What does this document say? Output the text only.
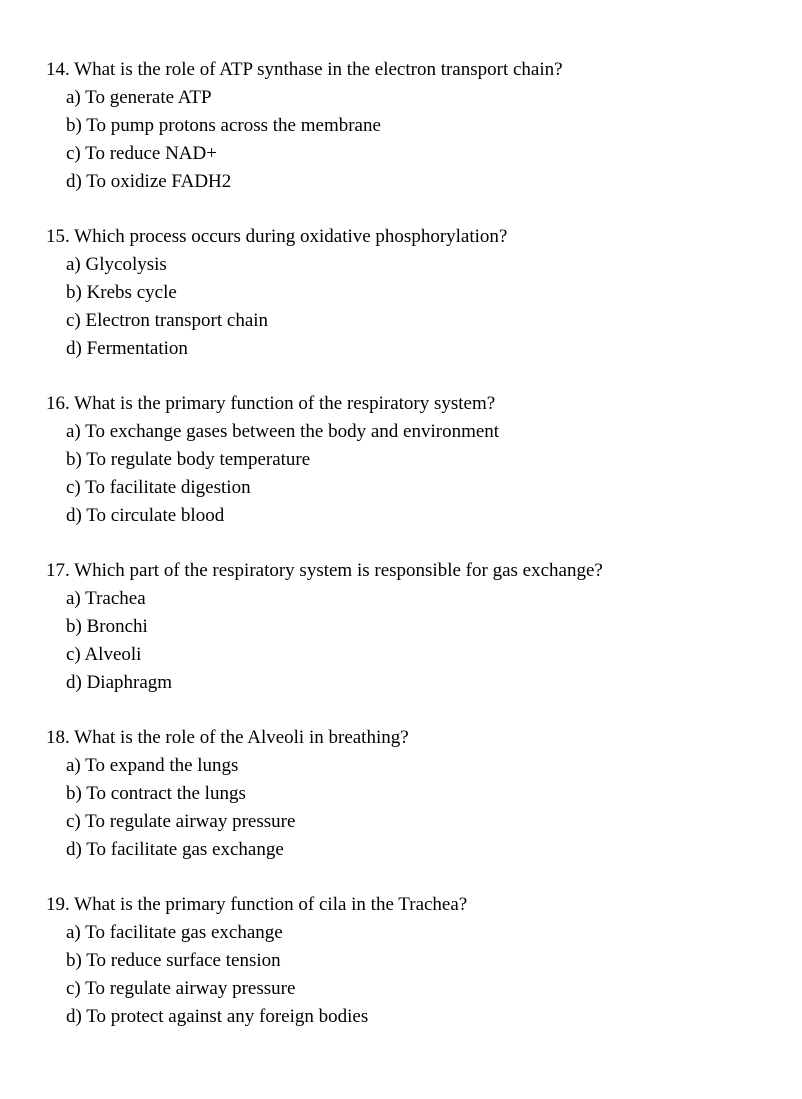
14. What is the role of ATP synthase in the electron transport chain?
a) To generate ATP
b) To pump protons across the membrane
c) To reduce NAD+
d) To oxidize FADH2
15. Which process occurs during oxidative phosphorylation?
a) Glycolysis
b) Krebs cycle
c) Electron transport chain
d) Fermentation
16. What is the primary function of the respiratory system?
a) To exchange gases between the body and environment
b) To regulate body temperature
c) To facilitate digestion
d) To circulate blood
17. Which part of the respiratory system is responsible for gas exchange?
a) Trachea
b) Bronchi
c) Alveoli
d) Diaphragm
18. What is the role of the Alveoli in breathing?
a) To expand the lungs
b) To contract the lungs
c) To regulate airway pressure
d) To facilitate gas exchange
19. What is the primary function of cila in the Trachea?
a) To facilitate gas exchange
b) To reduce surface tension
c) To regulate airway pressure
d) To protect against any foreign bodies
